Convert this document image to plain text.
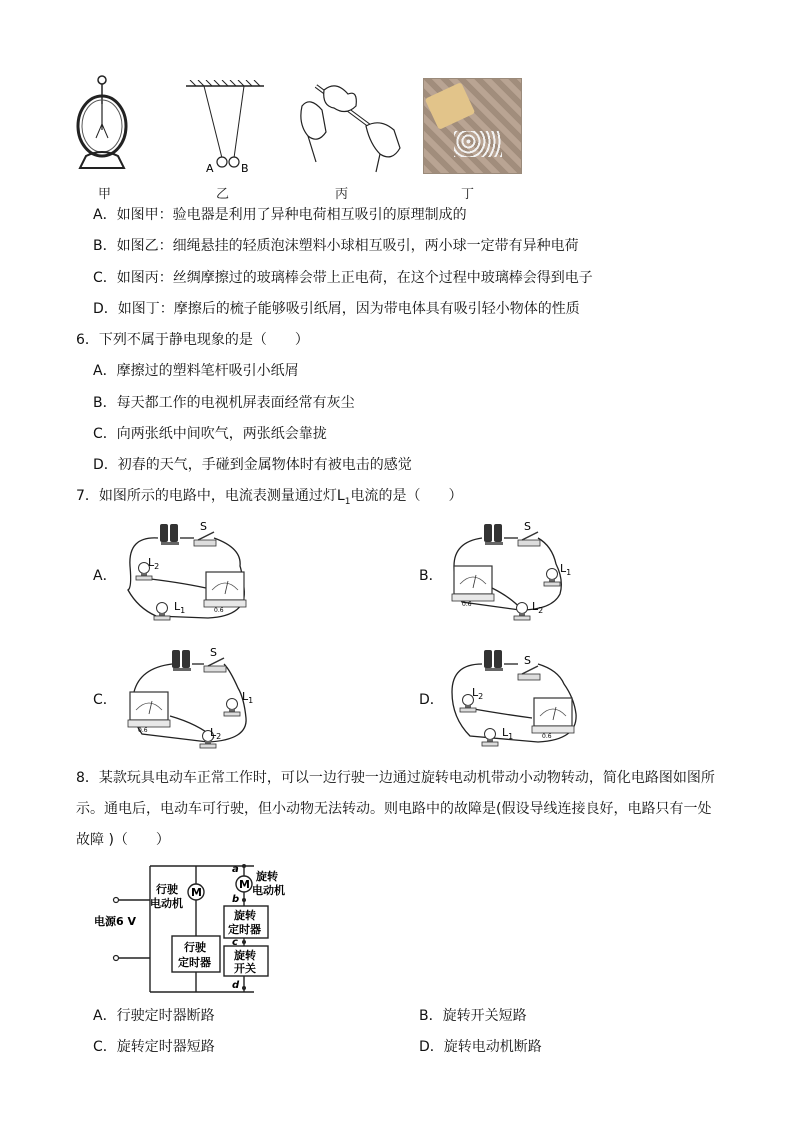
甲
A B
乙	丙	丁
A．如图甲：验电器是利用了异种电荷相互吸引的原理制成的
B．如图乙：细绳悬挂的轻质泡沫塑料小球相互吸引，两小球一定带有异种电荷
C．如图丙：丝绸摩擦过的玻璃棒会带上正电荷，在这个过程中玻璃棒会得到电子
D．如图丁：摩擦后的梳子能够吸引纸屑，因为带电体具有吸引轻小物体的性质
6．下列不属于静电现象的是（　　）
A．摩擦过的塑料笔杆吸引小纸屑
B．每天都工作的电视机屏表面经常有灰尘
C．向两张纸中间吹气，两张纸会靠拢
D．初春的天气，手碰到金属物体时有被电击的感觉
7．如图所示的电路中，电流表测量通过灯$L_1$电流的是（　　）
A．
S
$L_2$
$L_1$	0.6
B．
S
$L_1$
$L_2$
0.6
C．
S
$L_1$
$L_2$
0.6
D．
S
$L_2$
$L_1$	0.6
8．某款玩具电动车正常工作时，可以一边行驶一边通过旋转电动机带动小动物转动，简化电路图如图所
示。通电后，电动车可行驶，但小动物无法转动。则电路中的故障是(假设导线连接良好，电路只有一处
故障 )（　　）
M
M
行驶
定时器
旋转
定时器
旋转
开关
行驶
电动机
旋转
电动机
电源6 V
a
b
c
d
A．行驶定时器断路	B．旋转开关短路
C．旋转定时器短路	D．旋转电动机断路
